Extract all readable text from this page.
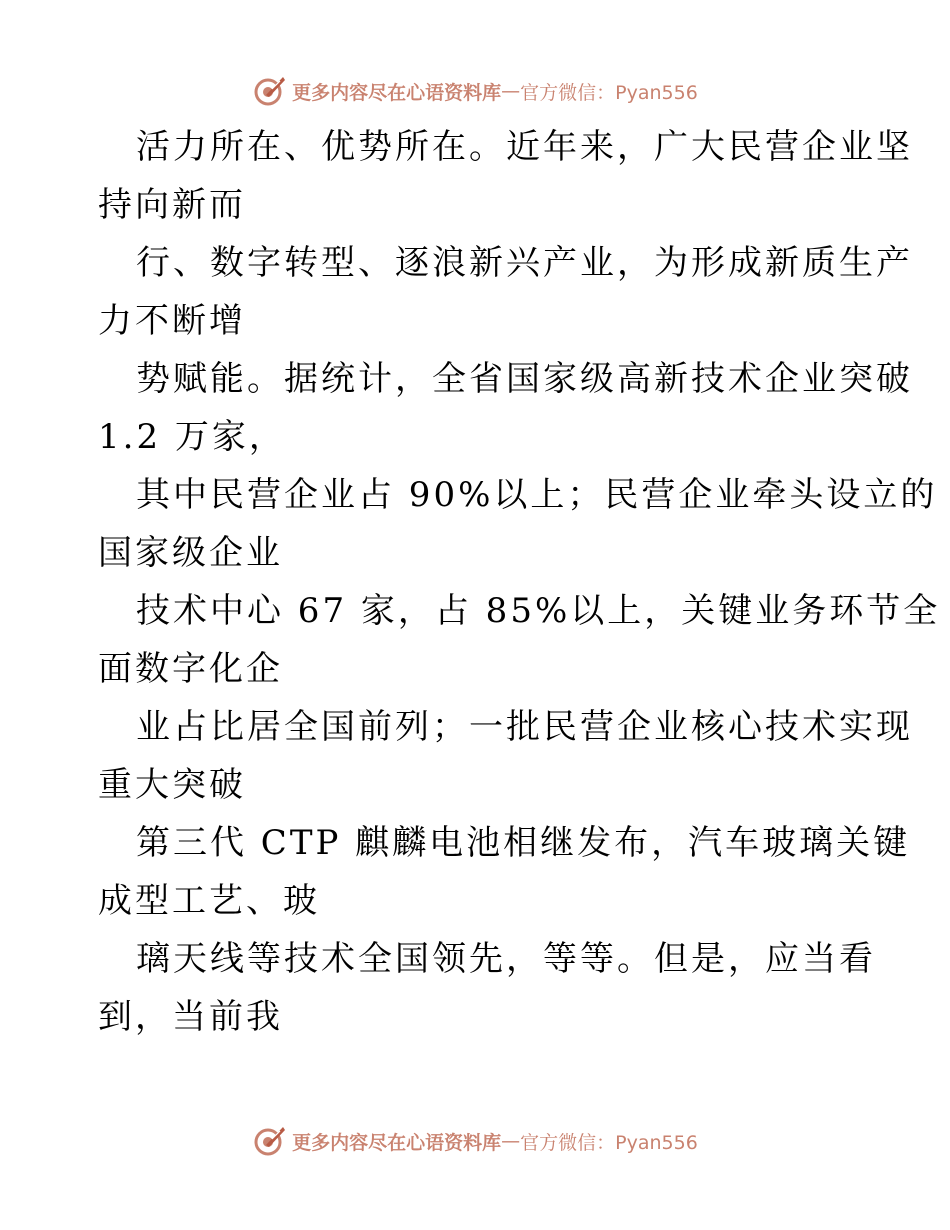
更多内容尽在心语资料库 — 官方微信：Pyan556
活力所在、优势所在。近年来，广大民营企业坚
持向新而
行、数字转型、逐浪新兴产业，为形成新质生产
力不断增
势赋能。据统计，全省国家级高新技术企业突破
1.2 万家，
其中民营企业占 90%以上；民营企业牵头设立的
国家级企业
技术中心 67 家，占 85%以上，关键业务环节全
面数字化企
业占比居全国前列；一批民营企业核心技术实现
重大突破
第三代 CTP 麒麟电池相继发布，汽车玻璃关键
成型工艺、玻
璃天线等技术全国领先，等等。但是，应当看
到，当前我
更多内容尽在心语资料库 — 官方微信：Pyan556
